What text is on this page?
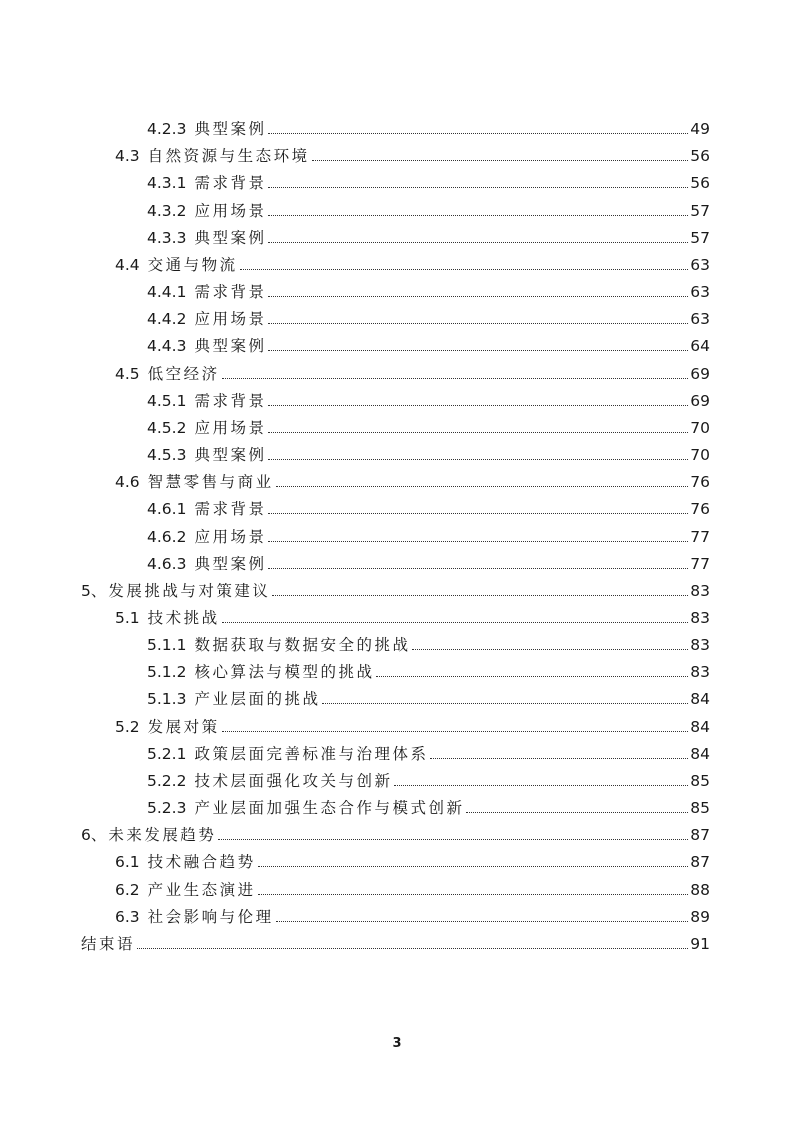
4.2.3 典型案例	49
4.3 自然资源与生态环境	56
4.3.1 需求背景	56
4.3.2 应用场景	57
4.3.3 典型案例	57
4.4 交通与物流	63
4.4.1 需求背景	63
4.4.2 应用场景	63
4.4.3 典型案例	64
4.5 低空经济	69
4.5.1 需求背景	69
4.5.2 应用场景	70
4.5.3 典型案例	70
4.6 智慧零售与商业	76
4.6.1 需求背景	76
4.6.2 应用场景	77
4.6.3 典型案例	77
5、 发展挑战与对策建议	83
5.1 技术挑战	83
5.1.1 数据获取与数据安全的挑战	83
5.1.2 核心算法与模型的挑战	83
5.1.3 产业层面的挑战	84
5.2 发展对策	84
5.2.1 政策层面完善标准与治理体系	84
5.2.2 技术层面强化攻关与创新	85
5.2.3 产业层面加强生态合作与模式创新	85
6、 未来发展趋势	87
6.1 技术融合趋势	87
6.2 产业生态演进	88
6.3 社会影响与伦理	89
结束语	91
3
